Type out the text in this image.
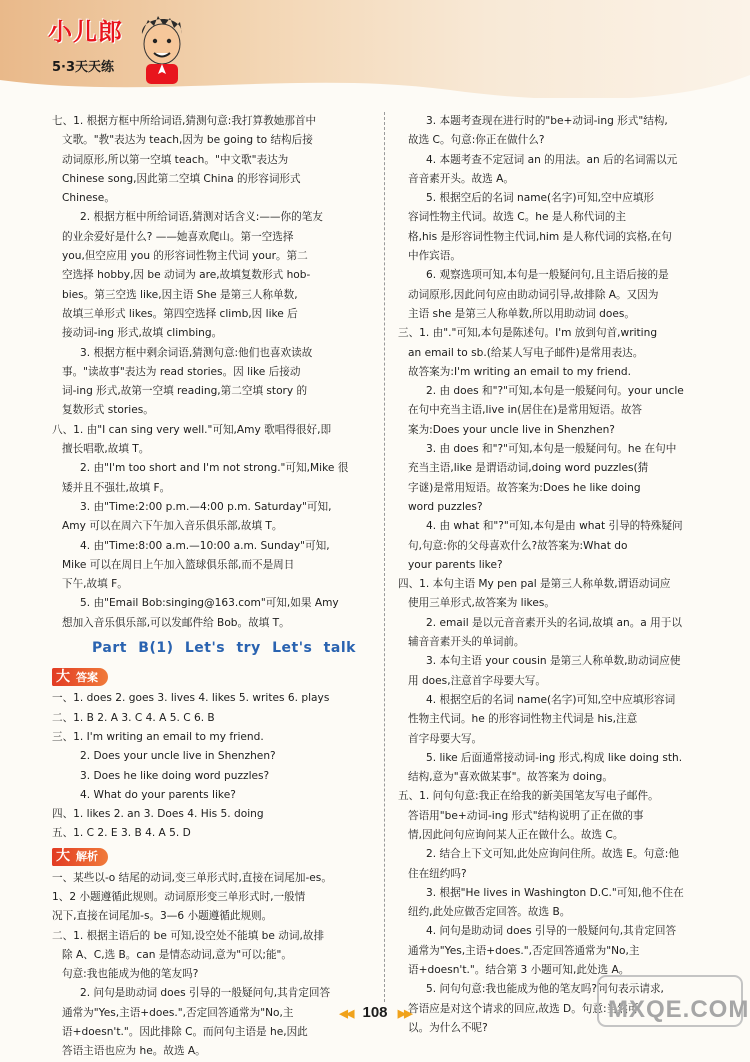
小儿郎
5·3天天练
七、1. 根据方框中所给词语,猜测句意:我打算教她那首中
文歌。"教"表达为 teach,因为 be going to 结构后接
动词原形,所以第一空填 teach。"中文歌"表达为
Chinese song,因此第二空填 China 的形容词形式
Chinese。
2. 根据方框中所给词语,猜测对话含义:——你的笔友
的业余爱好是什么? ——她喜欢爬山。第一空选择
you,但空应用 you 的形容词性物主代词 your。第二
空选择 hobby,因 be 动词为 are,故填复数形式 hob-
bies。第三空选 like,因主语 She 是第三人称单数,
故填三单形式 likes。第四空选择 climb,因 like 后
接动词-ing 形式,故填 climbing。
3. 根据方框中剩余词语,猜测句意:他们也喜欢读故
事。"读故事"表达为 read stories。因 like 后接动
词-ing 形式,故第一空填 reading,第二空填 story 的
复数形式 stories。
八、1. 由"I can sing very well."可知,Amy 歌唱得很好,即
擅长唱歌,故填 T。
2. 由"I'm too short and I'm not strong."可知,Mike 很
矮并且不强壮,故填 F。
3. 由"Time:2:00 p.m.—4:00 p.m. Saturday"可知,
Amy 可以在周六下午加入音乐俱乐部,故填 T。
4. 由"Time:8:00 a.m.—10:00 a.m. Sunday"可知,
Mike 可以在周日上午加入篮球俱乐部,而不是周日
下午,故填 F。
5. 由"Email Bob:singing@163.com"可知,如果 Amy
想加入音乐俱乐部,可以发邮件给 Bob。故填 T。
Part B(1) Let's try Let's talk
大 答案
一、1. does 2. goes 3. lives 4. likes 5. writes 6. plays
二、1. B 2. A 3. C 4. A 5. C 6. B
三、1. I'm writing an email to my friend.
2. Does your uncle live in Shenzhen?
3. Does he like doing word puzzles?
4. What do your parents like?
四、1. likes 2. an 3. Does 4. His 5. doing
五、1. C 2. E 3. B 4. A 5. D
大 解析
一、某些以-o 结尾的动词,变三单形式时,直接在词尾加-es。
1、2 小题遵循此规则。动词原形变三单形式时,一般情
况下,直接在词尾加-s。3—6 小题遵循此规则。
二、1. 根据主语后的 be 可知,设空处不能填 be 动词,故排
除 A、C,选 B。can 是情态动词,意为"可以;能"。
句意:我也能成为他的笔友吗?
2. 问句是助动词 does 引导的一般疑问句,其肯定回答
通常为"Yes,主语+does.",否定回答通常为"No,主
语+doesn't."。因此排除 C。而问句主语是 he,因此
答语主语也应为 he。故选 A。
3. 本题考查现在进行时的"be+动词-ing 形式"结构,
故选 C。句意:你正在做什么?
4. 本题考查不定冠词 an 的用法。an 后的名词需以元
音音素开头。故选 A。
5. 根据空后的名词 name(名字)可知,空中应填形
容词性物主代词。故选 C。he 是人称代词的主
格,his 是形容词性物主代词,him 是人称代词的宾格,在句
中作宾语。
6. 观察选项可知,本句是一般疑问句,且主语后接的是
动词原形,因此问句应由助动词引导,故排除 A。又因为
主语 she 是第三人称单数,所以用助动词 does。
三、1. 由"."可知,本句是陈述句。I'm 放到句首,writing
an email to sb.(给某人写电子邮件)是常用表达。
故答案为:I'm writing an email to my friend.
2. 由 does 和"?"可知,本句是一般疑问句。your uncle
在句中充当主语,live in(居住在)是常用短语。故答
案为:Does your uncle live in Shenzhen?
3. 由 does 和"?"可知,本句是一般疑问句。he 在句中
充当主语,like 是谓语动词,doing word puzzles(猜
字谜)是常用短语。故答案为:Does he like doing
word puzzles?
4. 由 what 和"?"可知,本句是由 what 引导的特殊疑问
句,句意:你的父母喜欢什么?故答案为:What do
your parents like?
四、1. 本句主语 My pen pal 是第三人称单数,谓语动词应
使用三单形式,故答案为 likes。
2. email 是以元音音素开头的名词,故填 an。a 用于以
辅音音素开头的单词前。
3. 本句主语 your cousin 是第三人称单数,助动词应使
用 does,注意首字母要大写。
4. 根据空后的名词 name(名字)可知,空中应填形容词
性物主代词。he 的形容词性物主代词是 his,注意
首字母要大写。
5. like 后面通常接动词-ing 形式,构成 like doing sth.
结构,意为"喜欢做某事"。故答案为 doing。
五、1. 问句句意:我正在给我的新美国笔友写电子邮件。
答语用"be+动词-ing 形式"结构说明了正在做的事
情,因此问句应询问某人正在做什么。故选 C。
2. 结合上下文可知,此处应询问住所。故选 E。句意:他
住在纽约吗?
3. 根据"He lives in Washington D.C."可知,他不住在
纽约,此处应做否定回答。故选 B。
4. 问句是助动词 does 引导的一般疑问句,其肯定回答
通常为"Yes,主语+does.",否定回答通常为"No,主
语+doesn't."。结合第 3 小题可知,此处选 A。
5. 问句句意:我也能成为他的笔友吗?问句表示请求,
答语应是对这个请求的回应,故选 D。句意:当然可
以。为什么不呢?
◀◀ 108 ▶▶	MXQE.COM
